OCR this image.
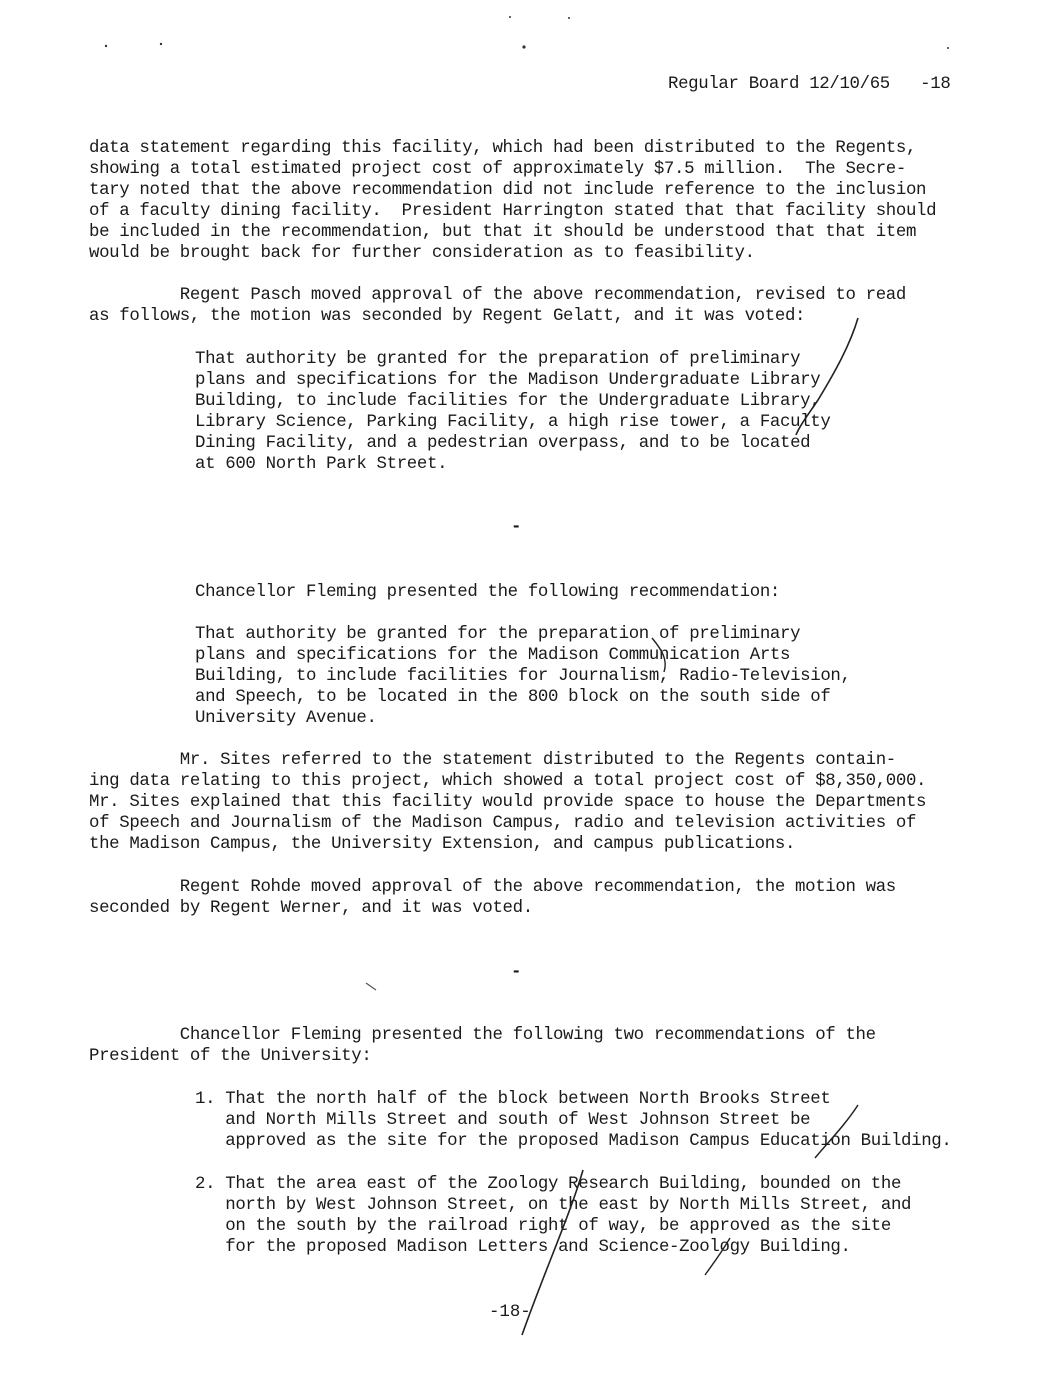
Regular Board 12/10/65   -18
data statement regarding this facility, which had been distributed to the Regents,
showing a total estimated project cost of approximately $7.5 million.  The Secre-
tary noted that the above recommendation did not include reference to the inclusion
of a faculty dining facility.  President Harrington stated that that facility should
be included in the recommendation, but that it should be understood that that item
would be brought back for further consideration as to feasibility.
Regent Pasch moved approval of the above recommendation, revised to read
as follows, the motion was seconded by Regent Gelatt, and it was voted:
That authority be granted for the preparation of preliminary
plans and specifications for the Madison Undergraduate Library
Building, to include facilities for the Undergraduate Library,
Library Science, Parking Facility, a high rise tower, a Faculty
Dining Facility, and a pedestrian overpass, and to be located
at 600 North Park Street.
-
Chancellor Fleming presented the following recommendation:
That authority be granted for the preparation of preliminary
plans and specifications for the Madison Communication Arts
Building, to include facilities for Journalism, Radio-Television,
and Speech, to be located in the 800 block on the south side of
University Avenue.
Mr. Sites referred to the statement distributed to the Regents contain-
ing data relating to this project, which showed a total project cost of $8,350,000.
Mr. Sites explained that this facility would provide space to house the Departments
of Speech and Journalism of the Madison Campus, radio and television activities of
the Madison Campus, the University Extension, and campus publications.
Regent Rohde moved approval of the above recommendation, the motion was
seconded by Regent Werner, and it was voted.
-
Chancellor Fleming presented the following two recommendations of the
President of the University:
1. That the north half of the block between North Brooks Street
and North Mills Street and south of West Johnson Street be
approved as the site for the proposed Madison Campus Education Building.
2. That the area east of the Zoology Research Building, bounded on the
north by West Johnson Street, on the east by North Mills Street, and
on the south by the railroad right of way, be approved as the site
for the proposed Madison Letters and Science-Zoology Building.
-18-
